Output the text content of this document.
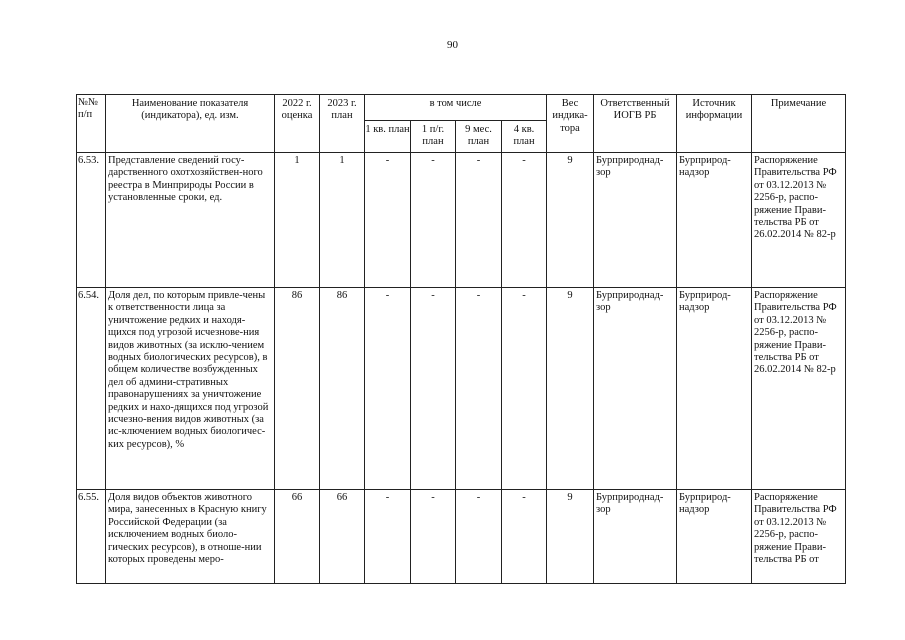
90
№№ п/п	Наименование показателя (индикатора), ед. изм.	2022 г. оценка	2023 г. план	в том числе				Вес индика-тора	Ответственный ИОГВ РБ	Источник информации	Примечание
				1 кв. план	1 п/г. план	9 мес. план	4 кв. план				
6.53.	Представление сведений госу-дарственного охотхозяйствен-ного реестра в Минприроды России в установленные сроки, ед.	1	1	-	-	-	-	9	Бурприроднад-зор	Бурприрод-надзор	Распоряжение Правительства РФ от 03.12.2013 № 2256-р, распо-ряжение Прави-тельства РБ от 26.02.2014 № 82-р
6.54.	Доля дел, по которым привле-чены к ответственности лица за уничтожение редких и находя-щихся под угрозой исчезнове-ния видов животных (за исклю-чением водных биологических ресурсов), в общем количестве возбужденных дел об админи-стративных правонарушениях за уничтожение редких и нахо-дящихся под угрозой исчезно-вения видов животных (за ис-ключением водных биологичес-ких ресурсов), %	86	86	-	-	-	-	9	Бурприроднад-зор	Бурприрод-надзор	Распоряжение Правительства РФ от 03.12.2013 № 2256-р, распо-ряжение Прави-тельства РБ от 26.02.2014 № 82-р
6.55.	Доля видов объектов животного мира, занесенных в Красную книгу Российской Федерации (за исключением водных биоло-гических ресурсов), в отноше-нии которых проведены меро-	66	66	-	-	-	-	9	Бурприроднад-зор	Бурприрод-надзор	Распоряжение Правительства РФ от 03.12.2013 № 2256-р, распо-ряжение Прави-тельства РБ от
